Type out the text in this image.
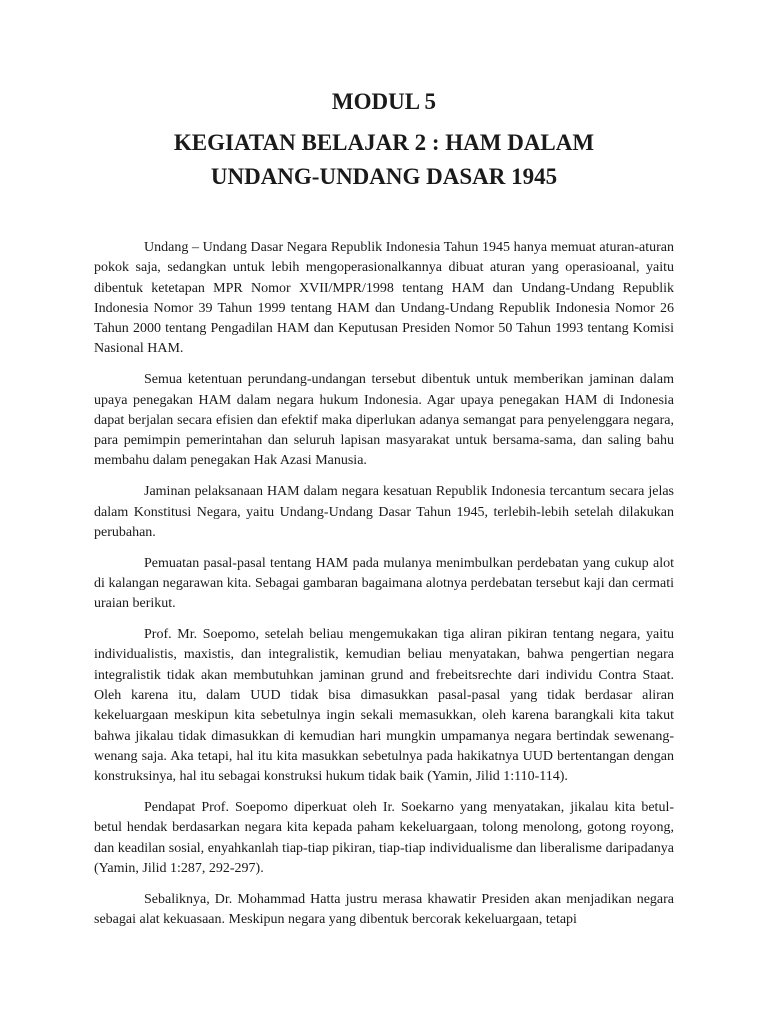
MODUL 5
KEGIATAN BELAJAR 2 : HAM DALAM UNDANG-UNDANG DASAR 1945

Undang – Undang Dasar Negara Republik Indonesia Tahun 1945 hanya memuat aturan-aturan pokok saja, sedangkan untuk lebih mengoperasionalkannya dibuat aturan yang operasioanal, yaitu dibentuk ketetapan MPR Nomor XVII/MPR/1998 tentang HAM dan Undang-Undang Republik Indonesia Nomor 39 Tahun 1999 tentang HAM dan Undang-Undang Republik Indonesia Nomor 26 Tahun 2000 tentang Pengadilan HAM dan Keputusan Presiden Nomor 50 Tahun 1993 tentang Komisi Nasional HAM.

Semua ketentuan perundang-undangan tersebut dibentuk untuk memberikan jaminan dalam upaya penegakan HAM dalam negara hukum Indonesia. Agar upaya penegakan HAM di Indonesia dapat berjalan secara efisien dan efektif maka diperlukan adanya semangat para penyelenggara negara, para pemimpin pemerintahan dan seluruh lapisan masyarakat untuk bersama-sama, dan saling bahu membahu dalam penegakan Hak Azasi Manusia.

Jaminan pelaksanaan HAM dalam negara kesatuan Republik Indonesia tercantum secara jelas dalam Konstitusi Negara, yaitu Undang-Undang Dasar Tahun 1945, terlebih-lebih setelah dilakukan perubahan.

Pemuatan pasal-pasal tentang HAM pada mulanya menimbulkan perdebatan yang cukup alot di kalangan negarawan kita. Sebagai gambaran bagaimana alotnya perdebatan tersebut kaji dan cermati uraian berikut.

Prof. Mr. Soepomo, setelah beliau mengemukakan tiga aliran pikiran tentang negara, yaitu individualistis, maxistis, dan integralistik, kemudian beliau menyatakan, bahwa pengertian negara integralistik tidak akan membutuhkan jaminan grund and frebeitsrechte dari individu Contra Staat. Oleh karena itu, dalam UUD tidak bisa dimasukkan pasal-pasal yang tidak berdasar aliran kekeluargaan meskipun kita sebetulnya ingin sekali memasukkan, oleh karena barangkali kita takut bahwa jikalau tidak dimasukkan di kemudian hari mungkin umpamanya negara bertindak sewenang-wenang saja. Aka tetapi, hal itu kita masukkan sebetulnya pada hakikatnya UUD bertentangan dengan konstruksinya, hal itu sebagai konstruksi hukum tidak baik (Yamin, Jilid 1:110-114).

Pendapat Prof. Soepomo diperkuat oleh Ir. Soekarno yang menyatakan, jikalau kita betul-betul hendak berdasarkan negara kita kepada paham kekeluargaan, tolong menolong, gotong royong, dan keadilan sosial, enyahkanlah tiap-tiap pikiran, tiap-tiap individualisme dan liberalisme daripadanya (Yamin, Jilid 1:287, 292-297).

Sebaliknya, Dr. Mohammad Hatta justru merasa khawatir Presiden akan menjadikan negara sebagai alat kekuasaan. Meskipun negara yang dibentuk bercorak kekeluargaan, tetapi
